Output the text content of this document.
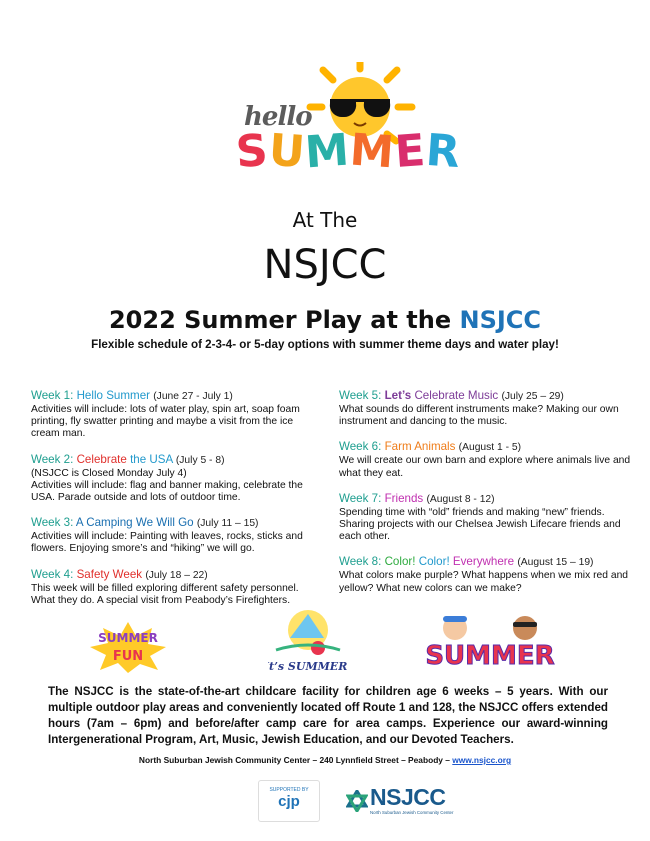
hello
SUMMER
At The
NSJCC
2022 Summer Play at the NSJCC
Flexible schedule of 2-3-4- or 5-day options with summer theme days and water play!
Week 1: Hello Summer (June 27 - July 1)
Activities will include: lots of water play, spin art, soap foam printing, fly swatter printing and maybe a visit from the ice cream man.
Week 2: Celebrate the USA (July 5 - 8)
(NSJCC is Closed Monday July 4)
Activities will include: flag and banner making, celebrate the USA. Parade outside and lots of outdoor time.
Week 3: A Camping We Will Go (July 11 – 15)
Activities will include: Painting with leaves, rocks, sticks and flowers. Enjoying smore’s and “hiking” we will go.
Week 4: Safety Week (July 18 – 22)
This week will be filled exploring different safety personnel. What they do. A special visit from Peabody’s Firefighters.
Week 5: Let’s Celebrate Music (July 25 – 29)
What sounds do different instruments make? Making our own instrument and dancing to the music.
Week 6: Farm Animals (August 1 - 5)
We will create our own barn and explore where animals live and what they eat.
Week 7: Friends (August 8 - 12)
Spending time with “old” friends and making “new” friends. Sharing projects with our Chelsea Jewish Lifecare friends and each other.
Week 8: Color! Color! Everywhere (August 15 – 19)
What colors make purple? What happens when we mix red and yellow? What new colors can we make?
SUMMER
FUN
It’s SUMMER!	SUMMER
The NSJCC is the state-of-the-art childcare facility for children age 6 weeks – 5 years. With our multiple outdoor play areas and conveniently located off Route 1 and 128, the NSJCC offers extended hours (7am – 6pm) and before/after camp care for area camps. Experience our award-winning Intergenerational Program, Art, Music, Jewish Education, and our Devoted Teachers.
North Suburban Jewish Community Center – 240 Lynnfield Street – Peabody – www.nsjcc.org
SUPPORTED BY
cjp	NSJCC
North Suburban Jewish Community Center
